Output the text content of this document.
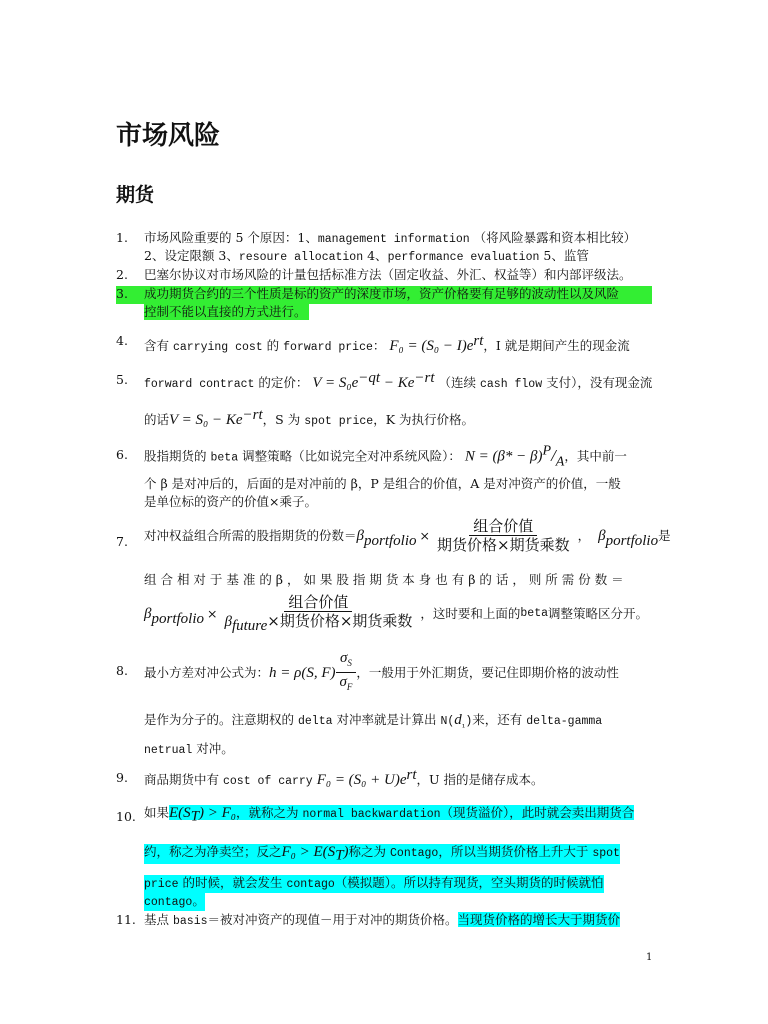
市场风险
期货
1. 市场风险重要的 5 个原因：1、management information （将风险暴露和资本相比较）
2、设定限额 3、resoure allocation 4、performance evaluation 5、监管
2. 巴塞尔协议对市场风险的计量包括标准方法（固定收益、外汇、权益等）和内部评级法。
3. 成功期货合约的三个性质是标的资产的深度市场，资产价格要有足够的波动性以及风险
控制不能以直接的方式进行。
4. 含有 carrying cost 的 forward price： $F_0 = (S_0 - I)e^{rt}$，I 就是期间产生的现金流
5. forward contract 的定价： $V = S_0e^{-qt} - Ke^{-rt}$ （连续 cash flow 支付），没有现金流
的话$V = S_0 - Ke^{-rt}$，S 为 spot price，K 为执行价格。
6. 股指期货的 beta 调整策略（比如说完全对冲系统风险）： $N = (\beta* - \beta)^P/_A$，其中前一
个 β 是对冲后的，后面的是对冲前的 β，P 是组合的价值，A 是对冲资产的价值，一般
是单位标的资产的价值×乘子。
7. 对冲权益组合所需的股指期货的份数＝ β portfolio × $\frac{\text{组合价值}}{\text{期货价格×期货乘数}}$ ， β portfolio 是
组 合 相 对 于 基 准 的 β ， 如 果 股 指 期 货 本 身 也 有 β 的 话 ， 则 所 需 份 数 ＝
β portfolio × $\frac{\text{组合价值}}{\beta_{future}\times 期货价格\times 期货乘数}$ ，这时要和上面的 beta 调整策略区分开。
8. 最小方差对冲公式为： h = ρ(S, $F) \frac{\sigma_S}{\sigma_F}$ ，一般用于外汇期货，要记住即期价格的波动性
是作为分子的。注意期权的 delta 对冲率就是计算出 $N(d_{_1})$来，还有 delta-gamma
netrual 对冲。
9. 商品期货中有 cost of carry $F_0 = (S_0 + U)e^{rt}$，U 指的是储存成本。
10. 如果$E(S_T) > F_0$，就称之为 normal backwardation（现货溢价），此时就会卖出期货合
约，称之为净卖空；反之$F_0 > E(S_T)$称之为 Contago，所以当期货价格上升大于 spot
price 的时候，就会发生 contago（模拟题）。所以持有现货，空头期货的时候就怕
contago。
11. 基点 basis＝被对冲资产的现值－用于对冲的期货价格。当现货价格的增长大于期货价
1
